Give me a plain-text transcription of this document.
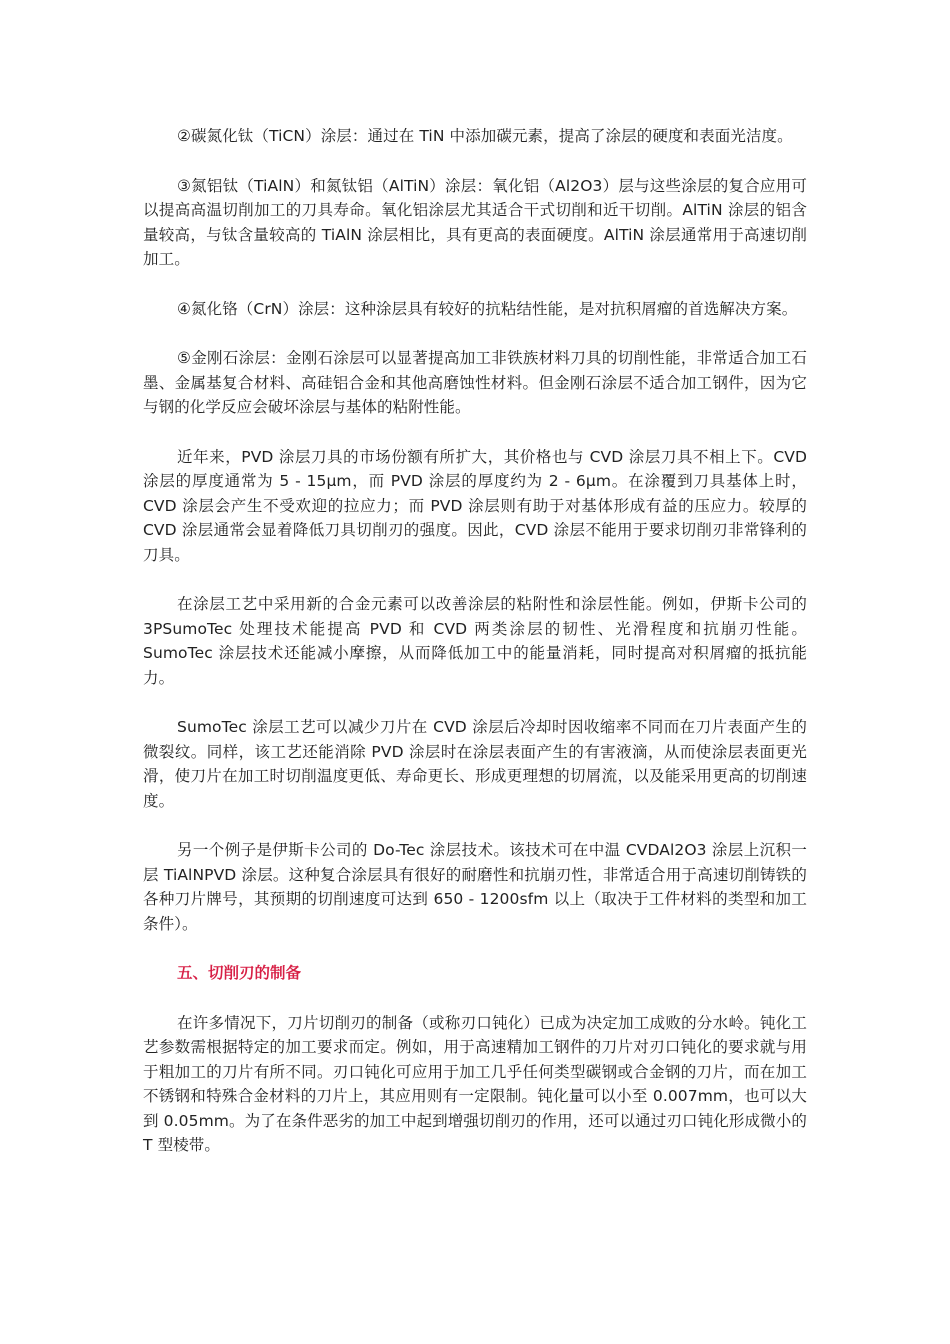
②碳氮化钛（TiCN）涂层：通过在 TiN 中添加碳元素，提高了涂层的硬度和表面光洁度。

③氮铝钛（TiAlN）和氮钛铝（AlTiN）涂层：氧化铝（Al2O3）层与这些涂层的复合应用可以提高高温切削加工的刀具寿命。氧化铝涂层尤其适合干式切削和近干切削。AlTiN 涂层的铝含量较高，与钛含量较高的 TiAlN 涂层相比，具有更高的表面硬度。AlTiN 涂层通常用于高速切削加工。

④氮化铬（CrN）涂层：这种涂层具有较好的抗粘结性能，是对抗积屑瘤的首选解决方案。

⑤金刚石涂层：金刚石涂层可以显著提高加工非铁族材料刀具的切削性能，非常适合加工石墨、金属基复合材料、高硅铝合金和其他高磨蚀性材料。但金刚石涂层不适合加工钢件，因为它与钢的化学反应会破坏涂层与基体的粘附性能。

近年来，PVD 涂层刀具的市场份额有所扩大，其价格也与 CVD 涂层刀具不相上下。CVD 涂层的厚度通常为 5 - 15μm，而 PVD 涂层的厚度约为 2 - 6μm。在涂覆到刀具基体上时，CVD 涂层会产生不受欢迎的拉应力；而 PVD 涂层则有助于对基体形成有益的压应力。较厚的 CVD 涂层通常会显着降低刀具切削刃的强度。因此，CVD 涂层不能用于要求切削刃非常锋利的刀具。

在涂层工艺中采用新的合金元素可以改善涂层的粘附性和涂层性能。例如，伊斯卡公司的 3PSumoTec 处理技术能提高 PVD 和 CVD 两类涂层的韧性、光滑程度和抗崩刃性能。SumoTec 涂层技术还能减小摩擦，从而降低加工中的能量消耗，同时提高对积屑瘤的抵抗能力。

SumoTec 涂层工艺可以减少刀片在 CVD 涂层后冷却时因收缩率不同而在刀片表面产生的微裂纹。同样，该工艺还能消除 PVD 涂层时在涂层表面产生的有害液滴，从而使涂层表面更光滑，使刀片在加工时切削温度更低、寿命更长、形成更理想的切屑流，以及能采用更高的切削速度。

另一个例子是伊斯卡公司的 Do-Tec 涂层技术。该技术可在中温 CVDAl2O3 涂层上沉积一层 TiAlNPVD 涂层。这种复合涂层具有很好的耐磨性和抗崩刃性，非常适合用于高速切削铸铁的各种刀片牌号，其预期的切削速度可达到 650 - 1200sfm 以上（取决于工件材料的类型和加工条件）。

五、切削刃的制备

在许多情况下，刀片切削刃的制备（或称刃口钝化）已成为决定加工成败的分水岭。钝化工艺参数需根据特定的加工要求而定。例如，用于高速精加工钢件的刀片对刃口钝化的要求就与用于粗加工的刀片有所不同。刃口钝化可应用于加工几乎任何类型碳钢或合金钢的刀片，而在加工不锈钢和特殊合金材料的刀片上，其应用则有一定限制。钝化量可以小至 0.007mm，也可以大到 0.05mm。为了在条件恶劣的加工中起到增强切削刃的作用，还可以通过刃口钝化形成微小的 T 型棱带。
